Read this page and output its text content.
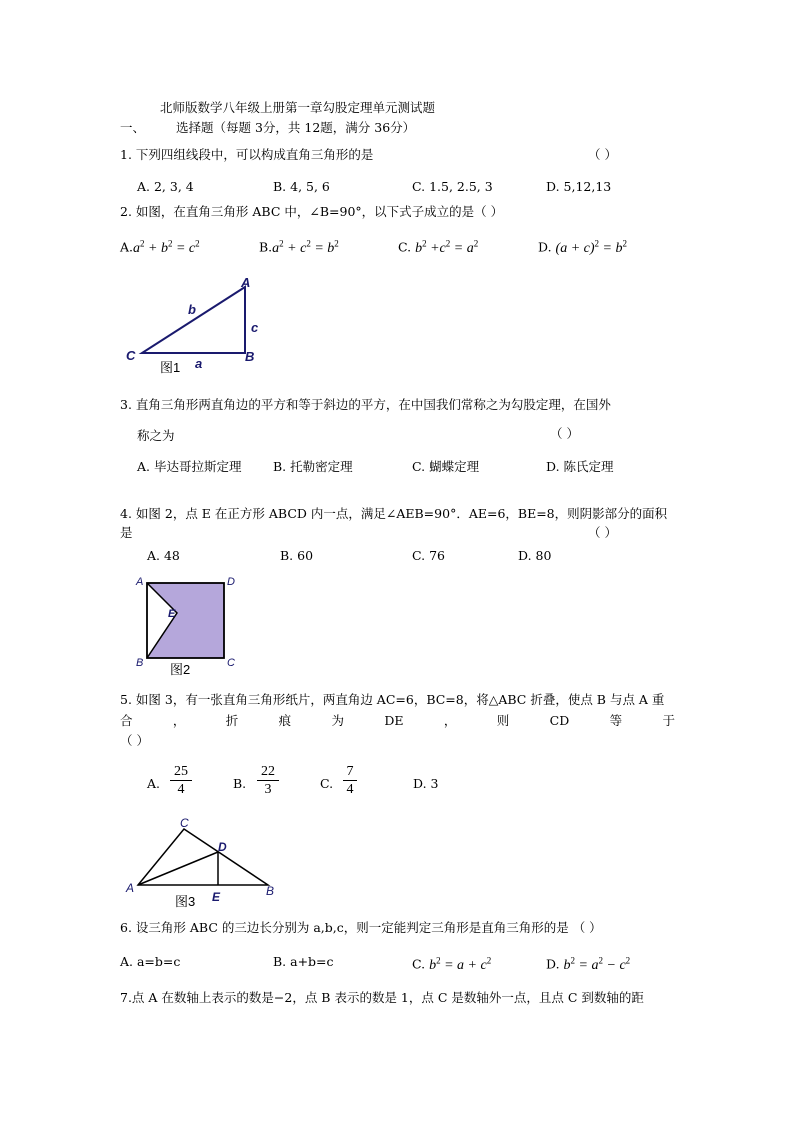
北师版数学八年级上册第一章勾股定理单元测试题
一、 选择题（每题 3分，共 12题，满分 36分）
1. 下列四组线段中，可以构成直角三角形的是	（ ）
A. 2, 3, 4	B. 4, 5, 6	C. 1.5, 2.5, 3	D. 5,12,13
2. 如图，在直角三角形 ABC 中，∠B=90°，以下式子成立的是（ ）
$A.a^2 + b^2 = c^2$	$B.a^2 + c^2 = b^2$	C. $b^2 +c^2 = a^2$	D. $(a + c)^2 = b^2$
A
B
C
a
b
c
图1
3. 直角三角形两直角边的平方和等于斜边的平方，在中国我们常称之为勾股定理，在国外
称之为	（ ）
A. 毕达哥拉斯定理	B. 托勒密定理	C. 蝴蝶定理	D. 陈氏定理
4. 如图 2，点 E 在正方形 ABCD 内一点，满足∠AEB=90°．AE=6，BE=8，则阴影部分的面积
是	（ ）
A. 48	B. 60	C. 76	D. 80
A	D
B	C
E
图2
5. 如图 3，有一张直角三角形纸片，两直角边 AC=6，BC=8，将△ABC 折叠，使点 B 与点 A 重
合	，	折	痕	为	DE	，	则	CD	等	于
（ ）
A. $\frac{25}{4}$	B. $\frac{22}{3}$	C. $\frac{7}{4}$	D. 3
C
D
A	B
E
图3
6. 设三角形 ABC 的三边长分别为 a,b,c，则一定能判定三角形是直角三角形的是 （ ）
A. a=b=c	B. a+b=c	C. $b^2 = a + c^2$	D. $b^2 = a^2 - c^2$
7.点 A 在数轴上表示的数是−2，点 B 表示的数是 1，点 C 是数轴外一点，且点 C 到数轴的距
